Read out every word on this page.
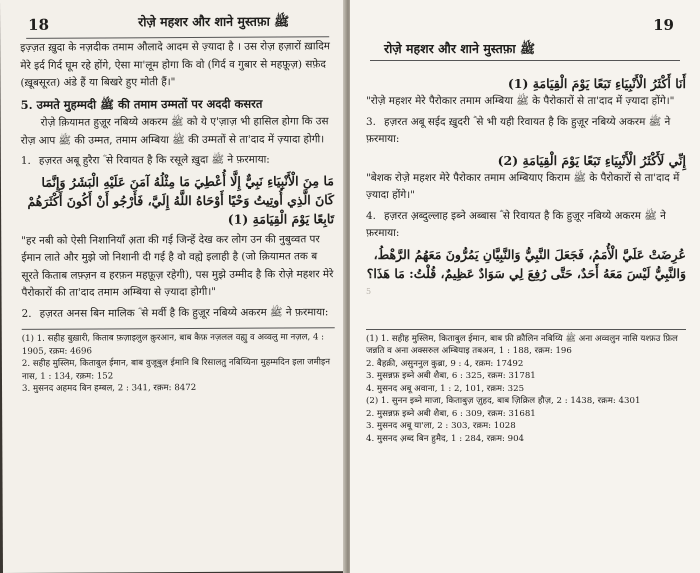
18	रोज़े महशर और शाने मुस्तफ़ा ﷺ

इज़्ज़त ख़ुदा के नज़दीक तमाम औलादे आदम से ज़्यादा है । उस रोज़ हज़ारों ख़ादिम मेरे इर्द गिर्द घूम रहे होंगे, ऐसा मा'लूम होगा कि वो (गिर्द व गुबार से महफ़ूज़) सफ़ेद (ख़ूबसूरत) अंडे हैं या बिखरे हुए मोती हैं।"

5. उम्मते मुहम्मदी ﷺ की तमाम उम्मतों पर अददी कसरत

रोज़े क़ियामत हुज़ूर नबिय्ये अकरम ﷺ को ये ए'ज़ाज़ भी हासिल होगा कि उस रोज़ आप ﷺ की उम्मत, तमाम अम्बिया ﷺ की उम्मतों से ता'दाद में ज़्यादा होगी।

1. हज़रत अबू हुरैरा ؓ से रिवायत है कि रसूले ख़ुदा ﷺ ने फ़रमाया:

مَا مِنَ الْأَنْبِيَاءِ نَبِيٌّ إِلَّا أُعْطِيَ مَا مِثْلُهُ آمَنَ عَلَيْهِ الْبَشَرُ وَإِنَّمَا كَانَ الَّذِي أُوتِيتُ وَحْيًا أَوْحَاهُ اللَّهُ إِلَيَّ، فَأَرْجُو أَنْ أَكُونَ أَكْثَرَهُمْ تَابِعًا يَوْمَ الْقِيَامَةِ (1)

"हर नबी को ऐसी निशानियाँ अ़ता की गई जिन्हें देख कर लोग उन की नुबुव्वत पर ईमान लाते और मुझे जो निशानी दी गई है वो वह्ये इलाही है (जो क़ियामत तक ब सूरते किताब लफ़्ज़न व हरफ़न महफ़ूज़ रहेगी), पस मुझे उम्मीद है कि रोज़े महशर मेरे पैरोकारों की ता'दाद तमाम अम्बिया से ज़्यादा होगी।"

2. हज़रत अनस बिन मालिक ؓ से मर्वी है कि हुज़ूर नबिय्ये अकरम ﷺ ने फ़रमाया:

(1) 1. सहीह बुख़ारी, किताब फ़ज़ाइलुल क़ुरआन, बाब कैफ़ नज़लल वह्यु व अव्वलु मा नज़ल, 4 : 1905, रक़म: 4696

2. सहीह मुस्लिम, किताबुल ईमान, बाब वुजूबुल ईमानि बि रिसालतु नबिय्यिना मुहम्मदिन इला जमीइन नास, 1 : 134, रक़म: 152

3. मुसनद अहमद बिन हम्बल, 2 : 341, रक़म: 8472

19
रोज़े महशर और शाने मुस्तफ़ा ﷺ

أَنَا أَكْثَرُ الْأَنْبِيَاءِ تَبَعًا يَوْمَ الْقِيَامَةِ (1)

"रोज़े महशर मेरे पैरोकार तमाम अम्बिया ﷺ के पैरोकारों से ता'दाद में ज़्यादा होंगे।"

3. हज़रत अबू सईद ख़ुदरी ؓ से भी यही रिवायत है कि हुज़ूर नबिय्ये अकरम ﷺ ने फ़रमाया:

إِنِّي لَأَكْثَرُ الْأَنْبِيَاءِ تَبَعًا يَوْمَ الْقِيَامَةِ (2)

"बेशक रोज़े महशर मेरे पैरोकार तमाम अम्बियाए किराम ﷺ के पैरोकारों से ता'दाद में ज़्यादा होंगे।"

4. हज़रत अ़ब्दुल्लाह इब्ने अब्बास ؓ से रिवायत है कि हुज़ूर नबिय्ये अकरम ﷺ ने फ़रमाया:

عُرِضَتْ عَلَيَّ الْأُمَمُ، فَجَعَلَ النَّبِيُّ وَالنَّبِيَّانِ يَمُرُّونَ مَعَهُمُ الرَّهْطُ، وَالنَّبِيُّ لَيْسَ مَعَهُ أَحَدٌ، حَتَّى رُفِعَ لِي سَوَادٌ عَظِيمٌ، قُلْتُ: مَا هَذَا؟

5

(1) 1. सहीह मुस्लिम, किताबुल ईमान, बाब फ़ी क़ौलिन नबिय्यि ﷺ अना अव्वलुन नासि यश्फ़उ फ़िल जन्नति व अना अक्सरुल अम्बियाइ तबअन, 1 : 188, रक़म: 196

2. बैहक़ी, असुननुल कुब्रा, 9 : 4, रक़म: 17492

3. मुसन्नफ़ इब्ने अबी शैबा, 6 : 325, रक़म: 31781

4. मुसनद अबू अवाना, 1 : 2, 101, रक़म: 325

(2) 1. सुनन इब्ने माजा, किताबुज़ ज़ुहद, बाब ज़िक्रिल हौज़, 2 : 1438, रक़म: 4301

2. मुसन्नफ़ इब्ने अबी शैबा, 6 : 309, रक़म: 31681

3. मुसनद अबू या'ला, 2 : 303, रक़म: 1028

4. मुसनद अ़ब्द बिन हुमैद, 1 : 284, रक़म: 904
